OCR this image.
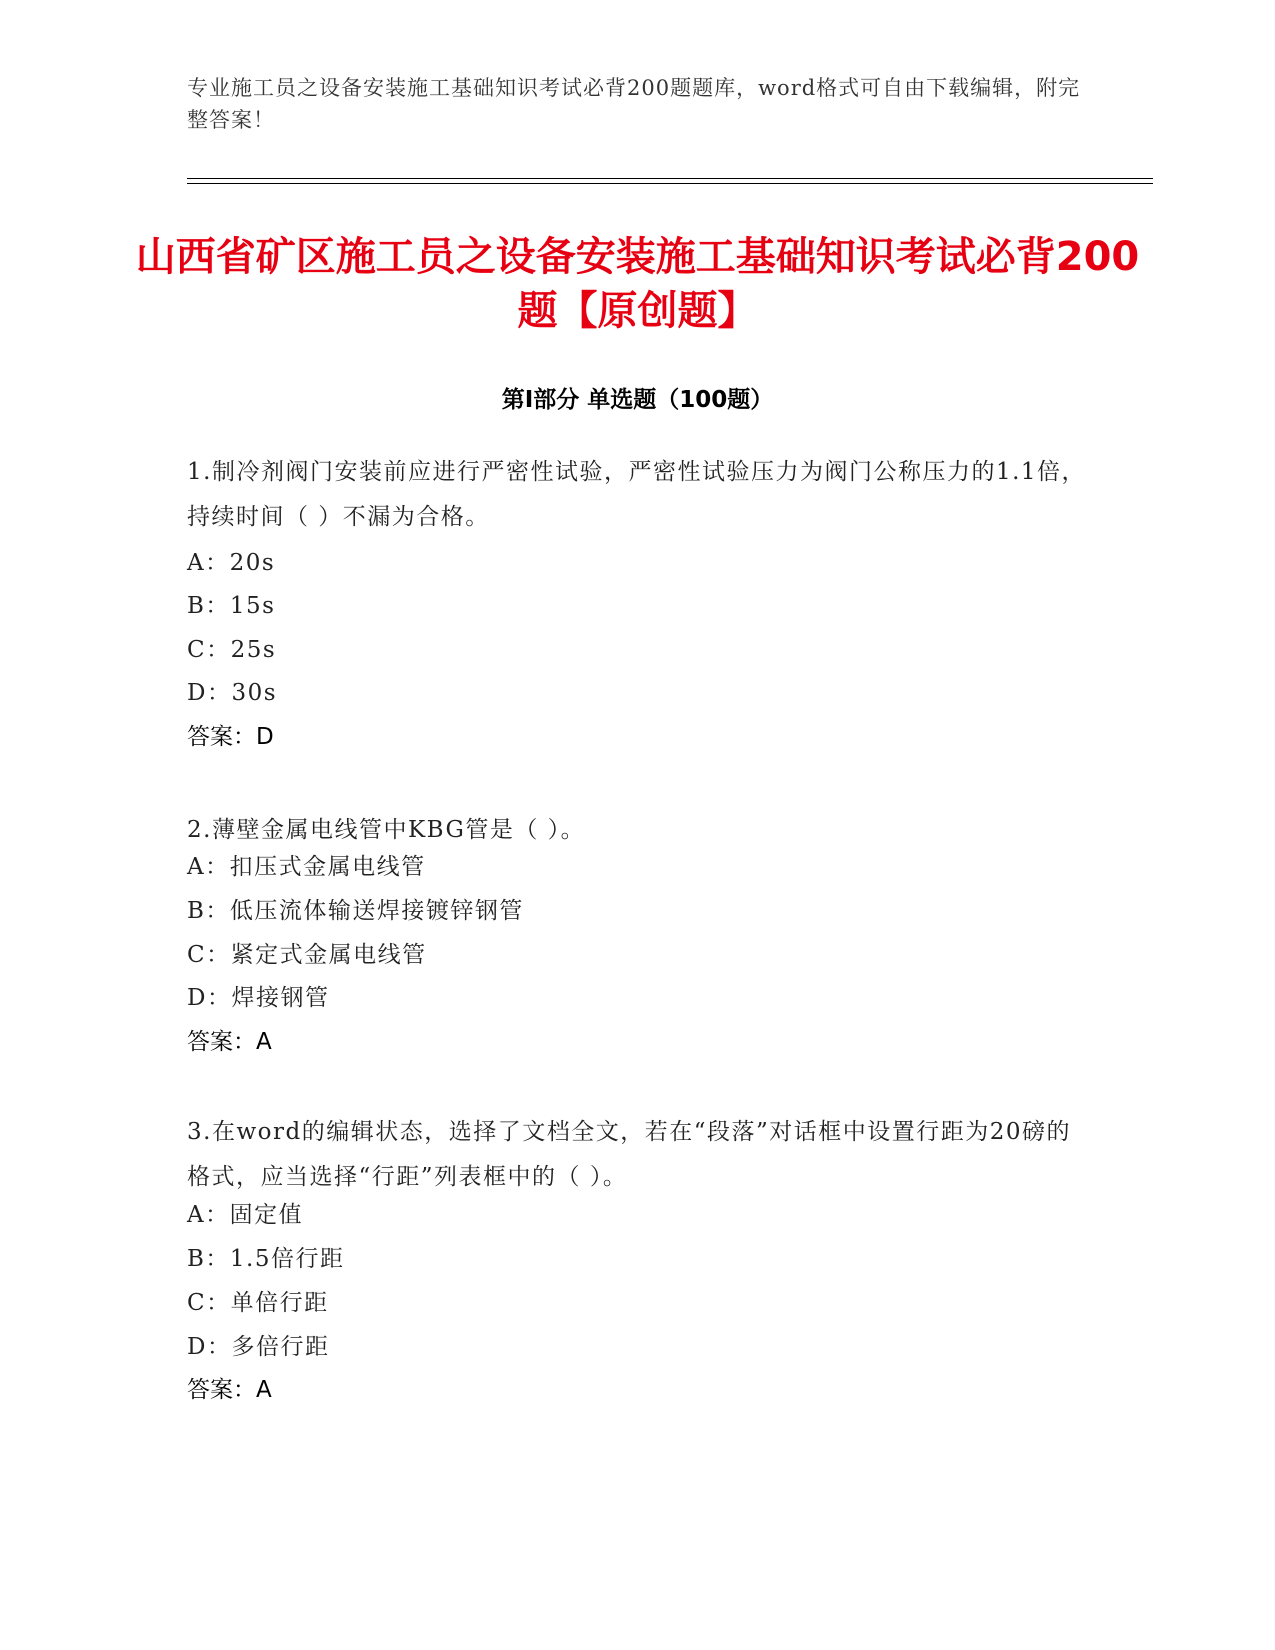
专业施工员之设备安装施工基础知识考试必背200题题库，word格式可自由下载编辑，附完整答案！
山西省矿区施工员之设备安装施工基础知识考试必背200题【原创题】
第I部分 单选题（100题）

1.制冷剂阀门安装前应进行严密性试验，严密性试验压力为阀门公称压力的1.1倍，持续时间（ ）不漏为合格。

A：20s

B：15s

C：25s

D：30s

答案：D

2.薄壁金属电线管中KBG管是（ ）。

A：扣压式金属电线管

B：低压流体输送焊接镀锌钢管

C：紧定式金属电线管

D：焊接钢管

答案：A

3.在word的编辑状态，选择了文档全文，若在“段落”对话框中设置行距为20磅的格式，应当选择“行距”列表框中的（ ）。

A：固定值

B：1.5倍行距

C：单倍行距

D：多倍行距

答案：A
